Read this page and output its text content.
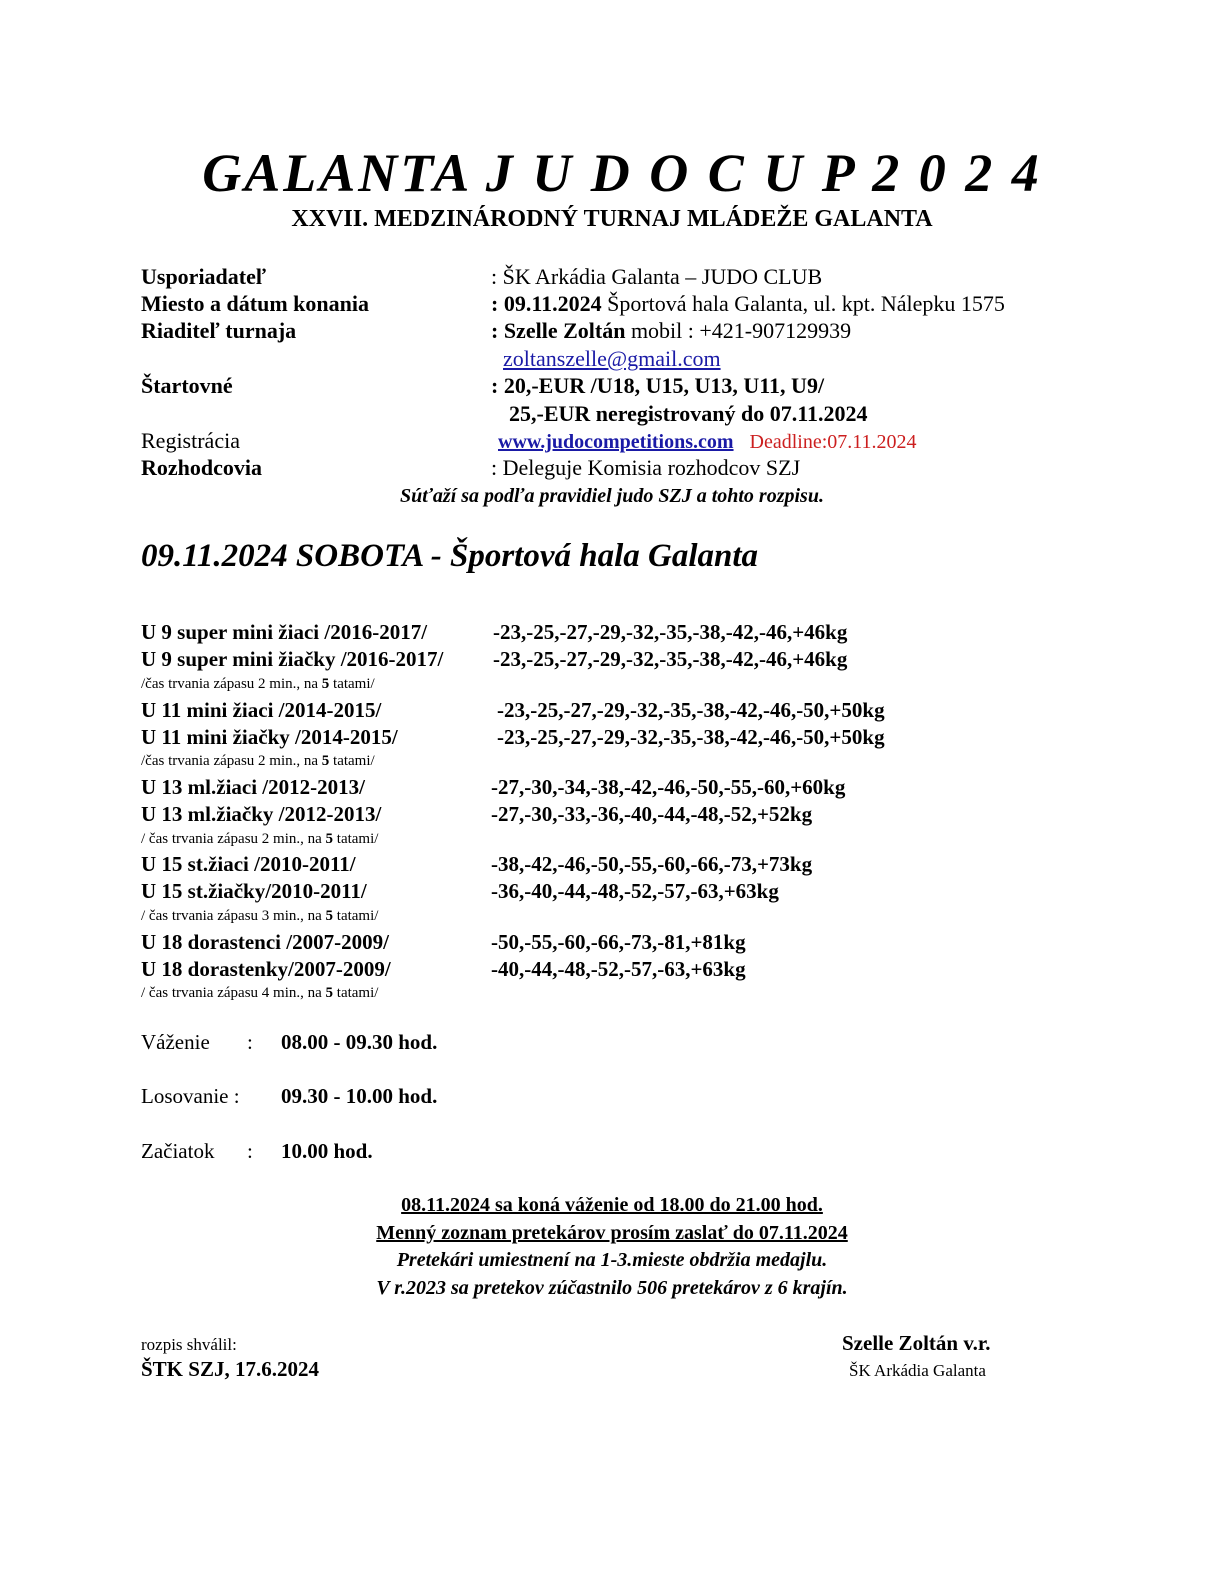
GALANTA J U D O C U P 2 0 2 4
XXVII. MEDZINÁRODNÝ TURNAJ MLÁDEŽE GALANTA
Usporiadateľ	: ŠK Arkádia Galanta – JUDO CLUB
Miesto a dátum konania	: 09.11.2024 Športová hala Galanta, ul. kpt. Nálepku 1575
Riaditeľ turnaja	: Szelle Zoltán mobil : +421-907129939
zoltanszelle@gmail.com
Štartovné	: 20,-EUR /U18, U15, U13, U11, U9/
25,-EUR neregistrovaný do 07.11.2024
Registrácia	www.judocompetitions.com Deadline:07.11.2024
Rozhodcovia	: Deleguje Komisia rozhodcov SZJ
Súťaží sa podľa pravidiel judo SZJ a tohto rozpisu.
09.11.2024 SOBOTA - Športová hala Galanta
U 9 super mini žiaci /2016-2017/	-23,-25,-27,-29,-32,-35,-38,-42,-46,+46kg
U 9 super mini žiačky /2016-2017/ -23,-25,-27,-29,-32,-35,-38,-42,-46,+46kg
/čas trvania zápasu 2 min., na 5 tatami/
U 11 mini žiaci /2014-2015/	-23,-25,-27,-29,-32,-35,-38,-42,-46,-50,+50kg
U 11 mini žiačky /2014-2015/	-23,-25,-27,-29,-32,-35,-38,-42,-46,-50,+50kg
/čas trvania zápasu 2 min., na 5 tatami/
U 13 ml.žiaci /2012-2013/	-27,-30,-34,-38,-42,-46,-50,-55,-60,+60kg
U 13 ml.žiačky /2012-2013/	-27,-30,-33,-36,-40,-44,-48,-52,+52kg
/ čas trvania zápasu 2 min., na 5 tatami/
U 15 st.žiaci /2010-2011/	-38,-42,-46,-50,-55,-60,-66,-73,+73kg
U 15 st.žiačky/2010-2011/	-36,-40,-44,-48,-52,-57,-63,+63kg
/ čas trvania zápasu 3 min., na 5 tatami/
U 18 dorastenci /2007-2009/	-50,-55,-60,-66,-73,-81,+81kg
U 18 dorastenky/2007-2009/	-40,-44,-48,-52,-57,-63,+63kg
/ čas trvania zápasu 4 min., na 5 tatami/
Váženie : 08.00 - 09.30 hod.
Losovanie : 09.30 - 10.00 hod.
Začiatok : 10.00 hod.
08.11.2024 sa koná váženie od 18.00 do 21.00 hod.
Menný zoznam pretekárov prosím zaslať do 07.11.2024
Pretekári umiestnení na 1-3.mieste obdržia medajlu.
V r.2023 sa pretekov zúčastnilo 506 pretekárov z 6 krajín.
rozpis shválil:
ŠTK SZJ, 17.6.2024
Szelle Zoltán v.r.
ŠK Arkádia Galanta
